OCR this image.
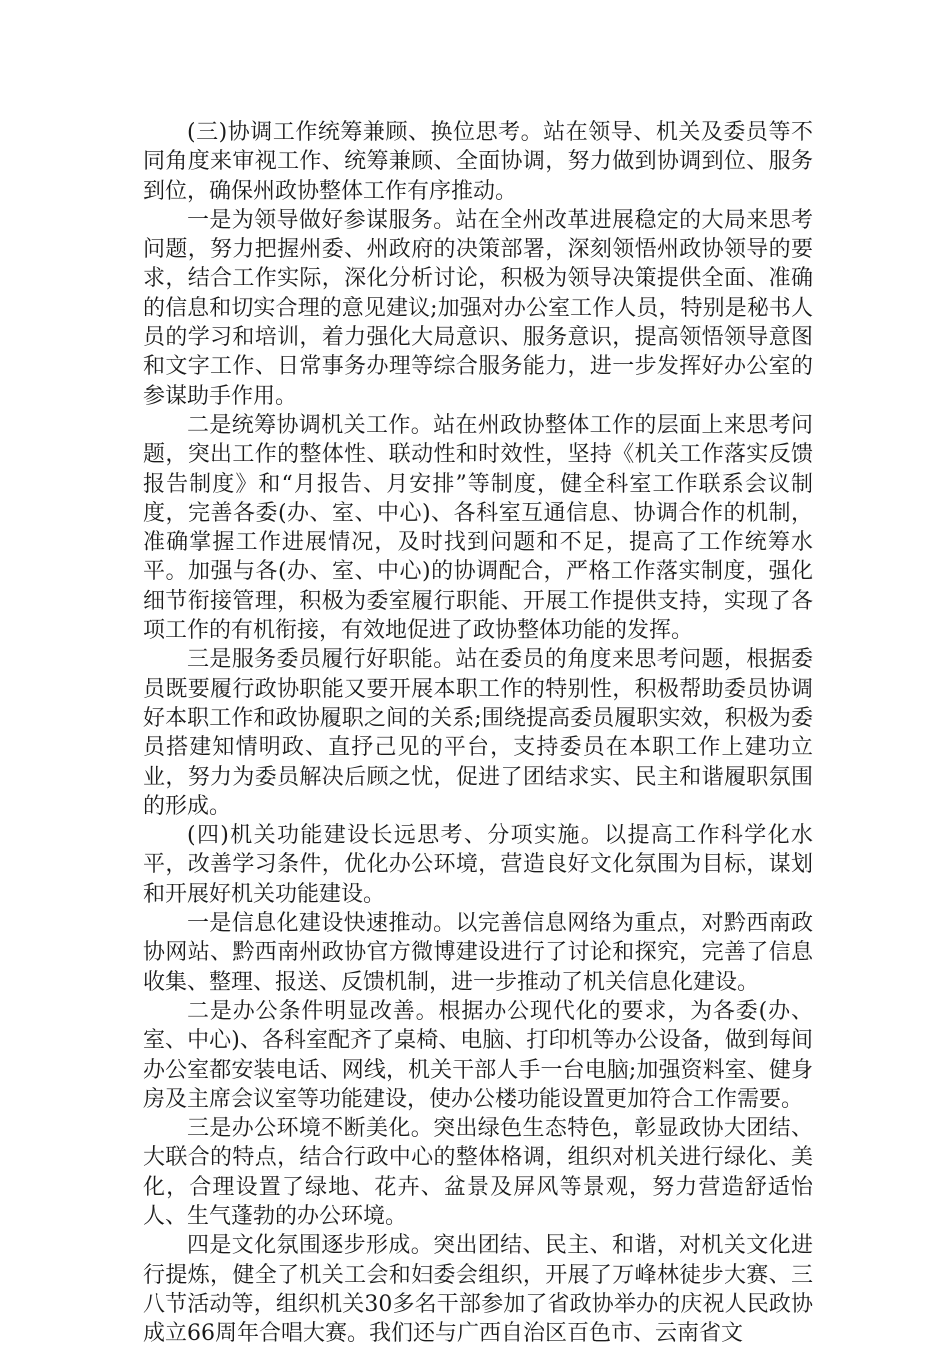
(三)协调工作统筹兼顾、换位思考。站在领导、机关及委员等不同角度来审视工作、统筹兼顾、全面协调，努力做到协调到位、服务到位，确保州政协整体工作有序推动。

一是为领导做好参谋服务。站在全州改革进展稳定的大局来思考问题，努力把握州委、州政府的决策部署，深刻领悟州政协领导的要求，结合工作实际，深化分析讨论，积极为领导决策提供全面、准确的信息和切实合理的意见建议;加强对办公室工作人员，特别是秘书人员的学习和培训，着力强化大局意识、服务意识，提高领悟领导意图和文字工作、日常事务办理等综合服务能力，进一步发挥好办公室的参谋助手作用。

二是统筹协调机关工作。站在州政协整体工作的层面上来思考问题，突出工作的整体性、联动性和时效性，坚持《机关工作落实反馈报告制度》和“月报告、月安排”等制度，健全科室工作联系会议制度，完善各委(办、室、中心)、各科室互通信息、协调合作的机制，准确掌握工作进展情况，及时找到问题和不足，提高了工作统筹水平。加强与各(办、室、中心)的协调配合，严格工作落实制度，强化细节衔接管理，积极为委室履行职能、开展工作提供支持，实现了各项工作的有机衔接，有效地促进了政协整体功能的发挥。

三是服务委员履行好职能。站在委员的角度来思考问题，根据委员既要履行政协职能又要开展本职工作的特别性，积极帮助委员协调好本职工作和政协履职之间的关系;围绕提高委员履职实效，积极为委员搭建知情明政、直抒己见的平台，支持委员在本职工作上建功立业，努力为委员解决后顾之忧，促进了团结求实、民主和谐履职氛围的形成。

(四)机关功能建设长远思考、分项实施。以提高工作科学化水平，改善学习条件，优化办公环境，营造良好文化氛围为目标，谋划和开展好机关功能建设。

一是信息化建设快速推动。以完善信息网络为重点，对黔西南政协网站、黔西南州政协官方微博建设进行了讨论和探究，完善了信息收集、整理、报送、反馈机制，进一步推动了机关信息化建设。

二是办公条件明显改善。根据办公现代化的要求，为各委(办、室、中心)、各科室配齐了桌椅、电脑、打印机等办公设备，做到每间办公室都安装电话、网线，机关干部人手一台电脑;加强资料室、健身房及主席会议室等功能建设，使办公楼功能设置更加符合工作需要。

三是办公环境不断美化。突出绿色生态特色，彰显政协大团结、大联合的特点，结合行政中心的整体格调，组织对机关进行绿化、美化，合理设置了绿地、花卉、盆景及屏风等景观，努力营造舒适怡人、生气蓬勃的办公环境。

四是文化氛围逐步形成。突出团结、民主、和谐，对机关文化进行提炼，健全了机关工会和妇委会组织，开展了万峰林徒步大赛、三八节活动等，组织机关30多名干部参加了省政协举办的庆祝人民政协成立66周年合唱大赛。我们还与广西自治区百色市、云南省文
